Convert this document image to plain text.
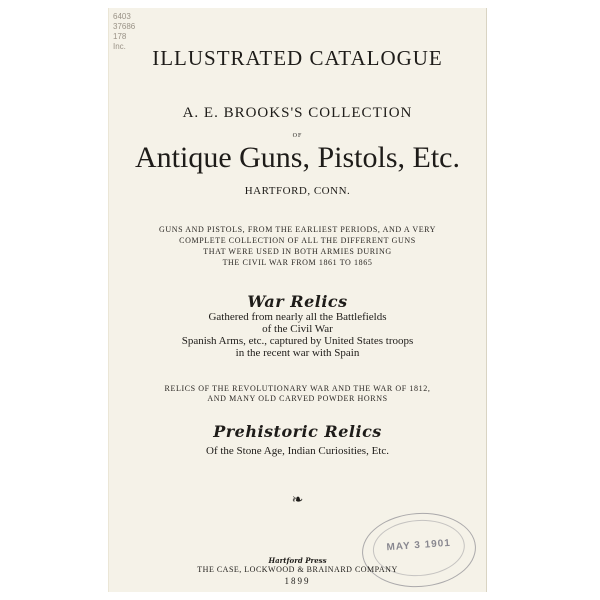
6403
37686
178
Inc.	ILLUSTRATED CATALOGUE
A. E. BROOKS'S COLLECTION
OF
Antique Guns, Pistols, Etc.
HARTFORD, CONN.
GUNS AND PISTOLS, FROM THE EARLIEST PERIODS, AND A VERY
COMPLETE COLLECTION OF ALL THE DIFFERENT GUNS
THAT WERE USED IN BOTH ARMIES DURING
THE CIVIL WAR FROM 1861 TO 1865
War Relics
Gathered from nearly all the Battlefields
of the Civil War
Spanish Arms, etc., captured by United States troops
in the recent war with Spain
RELICS OF THE REVOLUTIONARY WAR AND THE WAR OF 1812,
AND MANY OLD CARVED POWDER HORNS
Prehistoric Relics
Of the Stone Age, Indian Curiosities, Etc.
❧
MAY 3 1901
Hartford Press
THE CASE, LOCKWOOD & BRAINARD COMPANY
1899
